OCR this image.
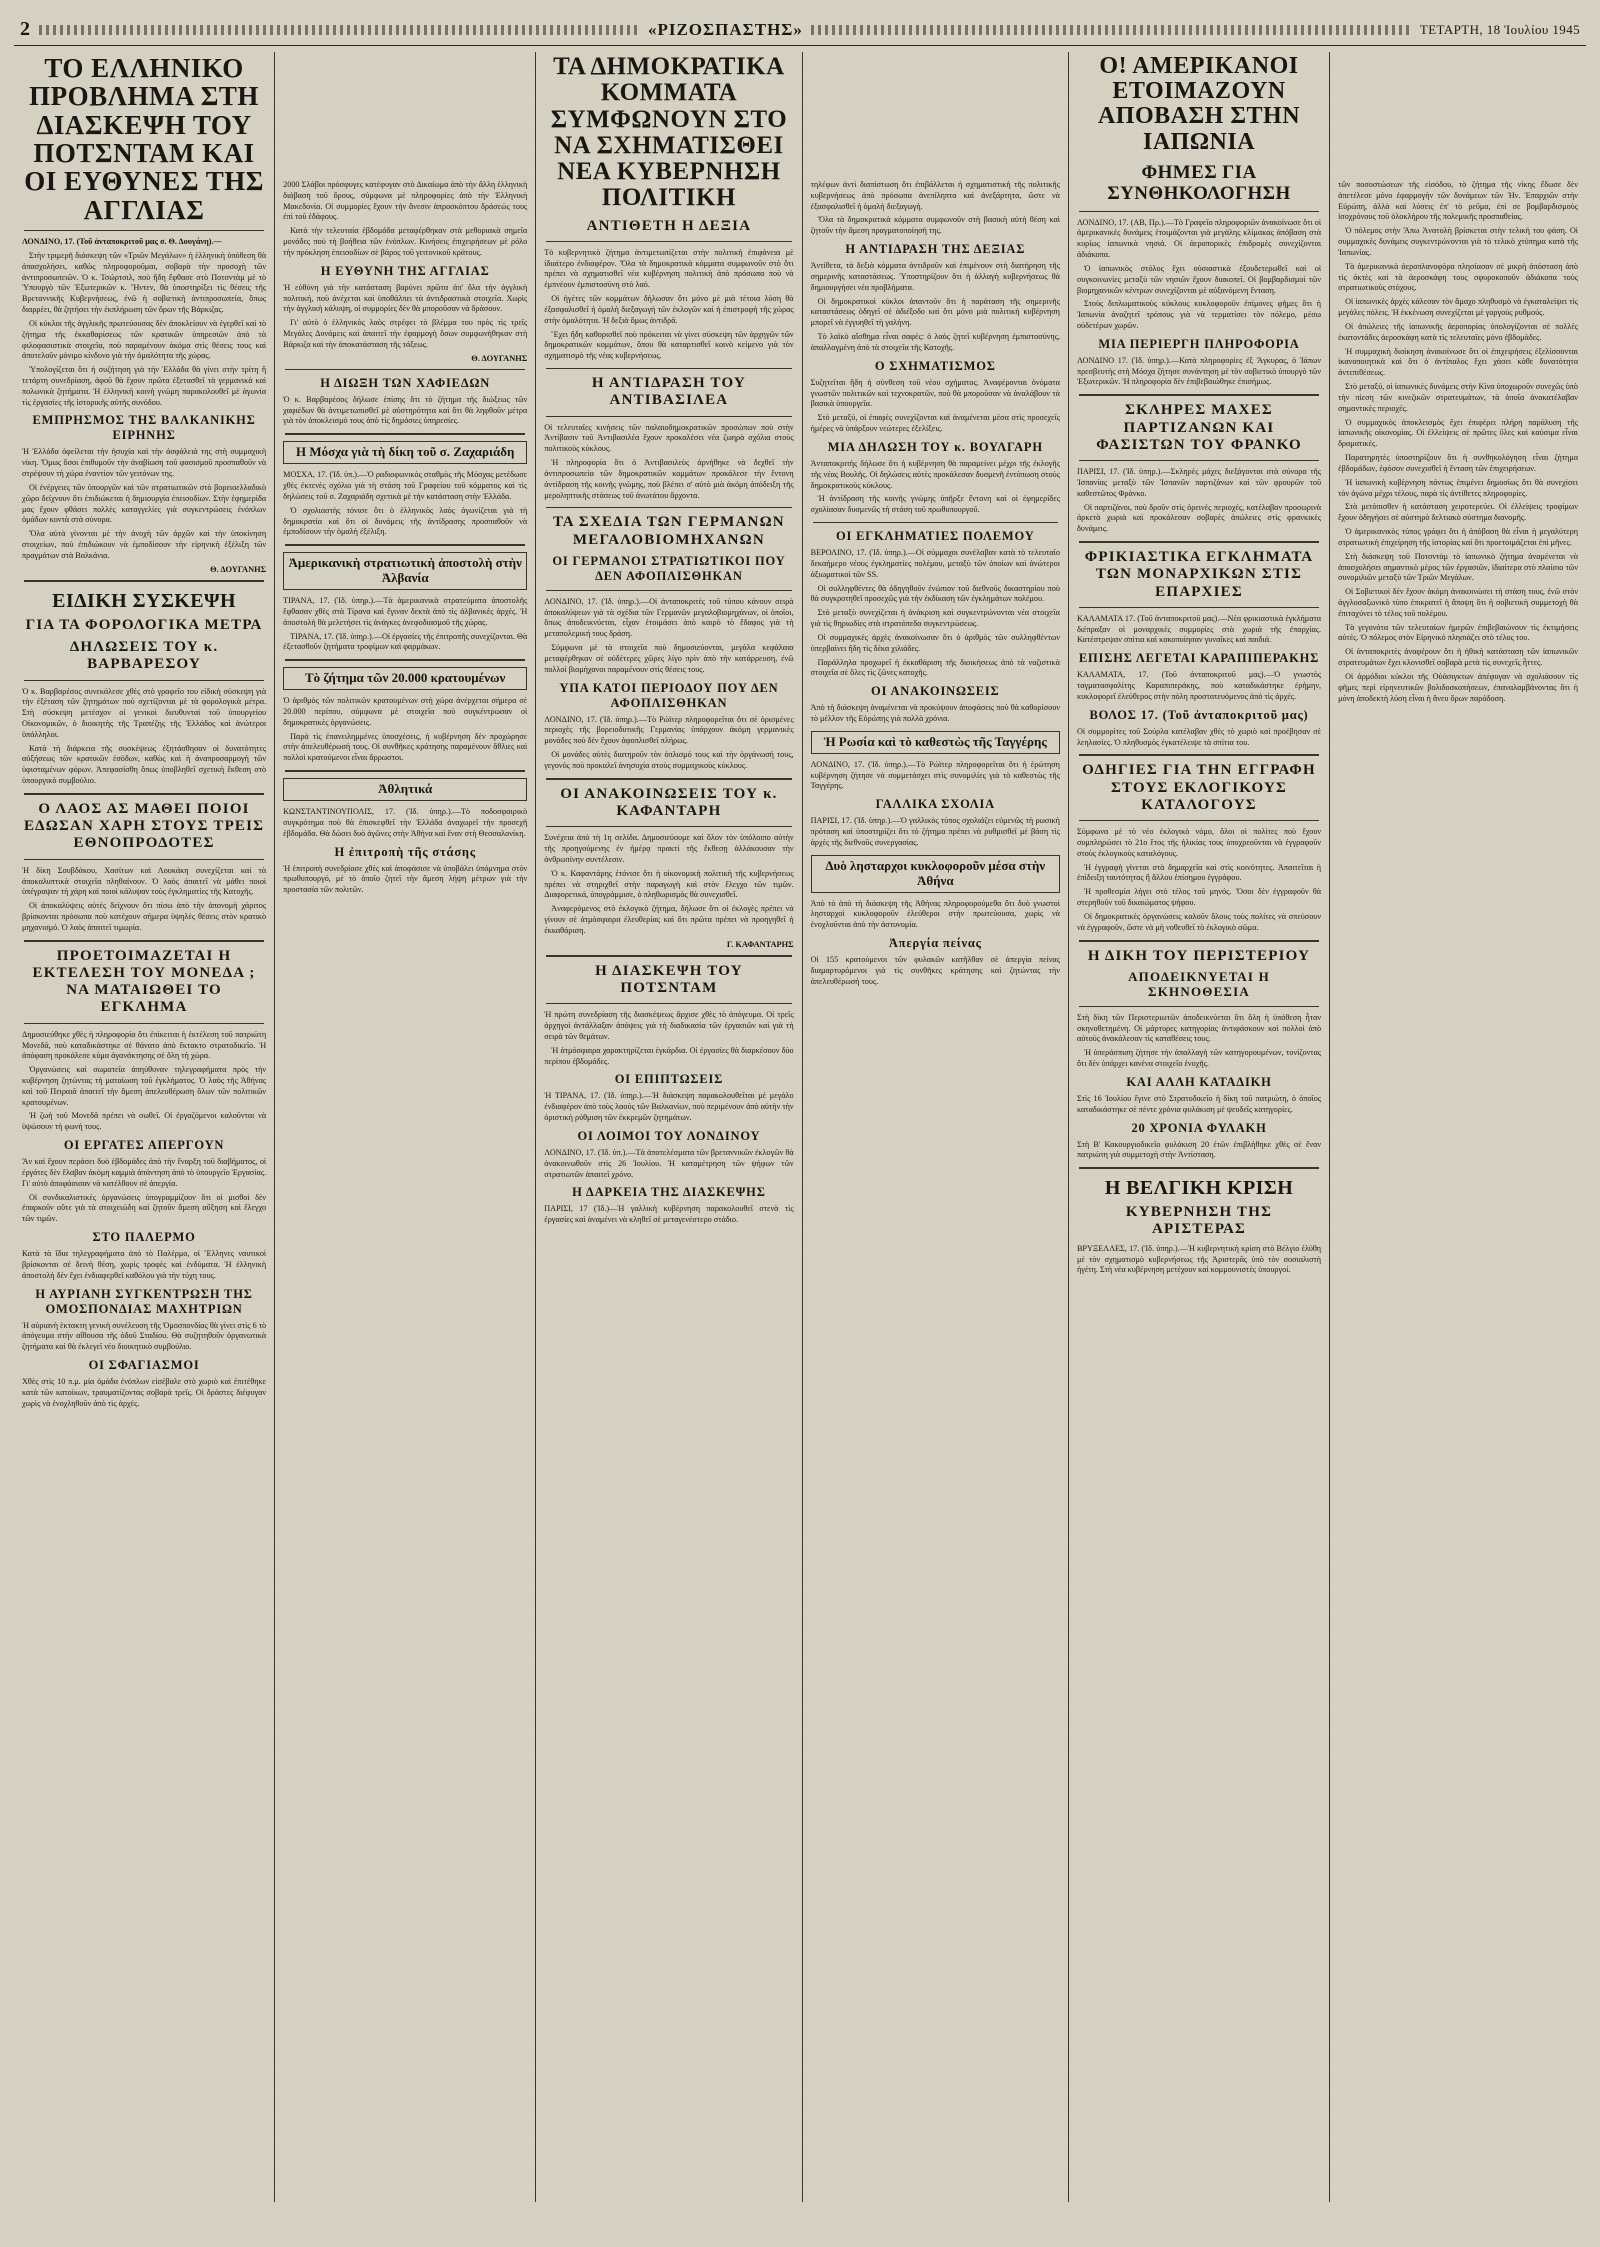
2	«ΡΙΖΟΣΠΑΣΤΗΣ»	ΤΕΤΑΡΤΗ, 18 Ἰουλίου 1945
ΤΟ ΕΛΛΗΝΙΚΟ ΠΡΟΒΛΗΜΑ ΣΤΗ ΔΙΑΣΚΕΨΗ ΤΟΥ ΠΟΤΣΝΤΑΜ ΚΑΙ ΟΙ ΕΥΘΥΝΕΣ ΤΗΣ ΑΓΓΛΙΑΣ

ΛΟΝΔΙΝΟ, 17. (Τοῦ ἀνταποκριτοῦ μας σ. Θ. Δουγάνη).—

Στὴν τριμερῆ διάσκεψη τῶν «Τριῶν Μεγάλων» ἡ ἑλληνικὴ ὑπόθεση θὰ ἀπασχολήσει, καθὼς πληροφοροῦμαι, σοβαρὰ τὴν προσοχὴ τῶν ἀντιπροσωπειῶν. Ὁ κ. Τσώρτσιλ, ποὺ ἤδη ἔφθασε στὸ Ποτσντὰμ μὲ τὸ Ὑπουργὸ τῶν Ἐξωτερικῶν κ. Ἤντεν, θὰ ὑποστηρίξει τὶς θέσεις τῆς Βρεταννικῆς Κυβερνήσεως, ἐνῶ ἡ σοβιετικὴ ἀντιπροσωπεία, ὅπως διαρρέει, θὰ ζητήσει τὴν ἐκπλήρωση τῶν ὅρων τῆς Βάρκιζας.

Οἱ κύκλοι τῆς ἀγγλικῆς πρωτεύουσας δὲν ἀποκλείουν νὰ ἐγερθεῖ καὶ τὸ ζήτημα τῆς ἐκκαθαρίσεως τῶν κρατικῶν ὑπηρεσιῶν ἀπὸ τὰ φιλοφασιστικὰ στοιχεῖα, ποὺ παραμένουν ἀκόμα στὶς θέσεις τους καὶ ἀποτελοῦν μόνιμο κίνδυνο γιὰ τὴν ὁμαλότητα τῆς χώρας.

Ὑπολογίζεται ὅτι ἡ συζήτηση γιὰ τὴν Ἑλλάδα θὰ γίνει στὴν τρίτη ἢ τετάρτη συνεδρίαση, ἀφοῦ θὰ ἔχουν πρῶτα ἐξετασθεῖ τὰ γερμανικὰ καὶ πολωνικὰ ζητήματα. Ἡ ἑλληνικὴ κοινὴ γνώμη παρακολουθεῖ μὲ ἀγωνία τὶς ἐργασίες τῆς ἱστορικῆς αὐτῆς συνόδου.

ΕΜΠΡΗΣΜΟΣ ΤΗΣ ΒΑΛΚΑΝΙΚΗΣ ΕΙΡΗΝΗΣ

Ἡ Ἑλλάδα ὀφείλεται τὴν ἡσυχία καὶ τὴν ἀσφάλειά της στὴ συμμαχικὴ νίκη. Ὅμως ὅσοι ἐπιθυμοῦν τὴν ἀναβίωση τοῦ φασισμοῦ προσπαθοῦν νὰ στρέψουν τὴ χώρα ἐναντίον τῶν γειτόνων της.

Οἱ ἐνέργειες τῶν ὑπουργῶν καὶ τῶν στρατιωτικῶν στὸ βορειοελλαδικὸ χῶρο δείχνουν ὅτι ἐπιδιώκεται ἡ δημιουργία ἐπεισοδίων. Στὴν ἐφημερίδα μας ἔχουν φθάσει πολλὲς καταγγελίες γιὰ συγκεντρώσεις ἐνόπλων ὁμάδων κοντὰ στὰ σύνορα.

Ὅλα αὐτὰ γίνονται μὲ τὴν ἀνοχὴ τῶν ἀρχῶν καὶ τὴν ὑποκίνηση στοιχείων, ποὺ ἐπιδιώκουν νὰ ἐμποδίσουν τὴν εἰρηνικὴ ἐξέλιξη τῶν πραγμάτων στὰ Βαλκάνια.

Θ. ΔΟΥΓΑΝΗΣ
ΕΙΔΙΚΗ ΣΥΣΚΕΨΗ
ΓΙΑ ΤΑ ΦΟΡΟΛΟΓΙΚΑ ΜΕΤΡΑ
ΔΗΛΩΣΕΙΣ ΤΟΥ κ. ΒΑΡΒΑΡΕΣΟΥ

Ὁ κ. Βαρβαρέσος συνεκάλεσε χθὲς στὸ γραφεῖο του εἰδικὴ σύσκεψη γιὰ τὴν ἐξέταση τῶν ζητημάτων ποὺ σχετίζονται μὲ τὰ φορολογικὰ μέτρα. Στὴ σύσκεψη μετέσχον οἱ γενικοὶ διευθυνταὶ τοῦ ὑπουργείου Οἰκονομικῶν, ὁ διοικητὴς τῆς Τραπέζης τῆς Ἑλλάδος καὶ ἀνώτεροι ὑπάλληλοι.

Κατὰ τὴ διάρκεια τῆς συσκέψεως ἐξητάσθησαν οἱ δυνατότητες αὐξήσεως τῶν κρατικῶν ἐσόδων, καθὼς καὶ ἡ ἀναπροσαρμογὴ τῶν ὑφισταμένων φόρων. Ἀπεφασίσθη ὅπως ὑποβληθεῖ σχετικὴ ἔκθεση στὸ ὑπουργικὸ συμβούλιο.

Ο ΛΑΟΣ ΑΣ ΜΑΘΕΙ ΠΟΙΟΙ ΕΔΩΣΑΝ ΧΑΡΗ ΣΤΟΥΣ ΤΡΕΙΣ ΕΘΝΟΠΡΟΔΟΤΕΣ

Ἡ δίκη Σουβδάκου, Χασίτων καὶ Λουκάκη συνεχίζεται καὶ τὰ ἀποκαλυπτικὰ στοιχεῖα πληθαίνουν. Ὁ λαὸς ἀπαιτεῖ νὰ μάθει ποιοὶ ὑπέγραψαν τὴ χάρη καὶ ποιοὶ κάλυψαν τοὺς ἐγκληματίες τῆς Κατοχῆς.

Οἱ ἀποκαλύψεις αὐτὲς δείχνουν ὅτι πίσω ἀπὸ τὴν ἀπονομὴ χάριτος βρίσκονται πρόσωπα ποὺ κατέχουν σήμερα ὑψηλὲς θέσεις στὸν κρατικὸ μηχανισμό. Ὁ λαὸς ἀπαιτεῖ τιμωρία.

ΠΡΟΕΤΟΙΜΑΖΕΤΑΙ Η ΕΚΤΕΛΕΣΗ ΤΟΥ ΜΟΝΕΔΑ ; ΝΑ ΜΑΤΑΙΩΘΕΙ ΤΟ ΕΓΚΛΗΜΑ

Δημοσιεύθηκε χθὲς ἡ πληροφορία ὅτι ἐπίκειται ἡ ἐκτέλεση τοῦ πατριώτη Μονεδᾶ, ποὺ καταδικάστηκε σὲ θάνατο ἀπὸ ἔκτακτο στρατοδικεῖο. Ἡ ἀπόφαση προκάλεσε κύμα ἀγανάκτησης σὲ ὅλη τὴ χώρα.

Ὀργανώσεις καὶ σωματεῖα ἀπηύθυναν τηλεγραφήματα πρὸς τὴν κυβέρνηση ζητώντας τὴ ματαίωση τοῦ ἐγκλήματος. Ὁ λαὸς τῆς Ἀθήνας καὶ τοῦ Πειραιᾶ ἀπαιτεῖ τὴν ἄμεση ἀπελευθέρωση ὅλων τῶν πολιτικῶν κρατουμένων.

Ἡ ζωὴ τοῦ Μονεδᾶ πρέπει νὰ σωθεῖ. Οἱ ἐργαζόμενοι καλοῦνται νὰ ὑψώσουν τὴ φωνή τους.

ΟΙ ΕΡΓΑΤΕΣ ΑΠΕΡΓΟΥΝ

Ἂν καὶ ἔχουν περάσει δυὸ ἑβδομάδες ἀπὸ τὴν ἔναρξη τοῦ διαβήματος, οἱ ἐργάτες δὲν ἔλαβαν ἀκόμη καμμιὰ ἀπάντηση ἀπὸ τὸ ὑπουργεῖο Ἐργασίας. Γι' αὐτὸ ἀποφάσισαν νὰ κατέλθουν σὲ ἀπεργία.

Οἱ συνδικαλιστικὲς ὀργανώσεις ὑπογραμμίζουν ὅτι οἱ μισθοὶ δὲν ἐπαρκοῦν οὔτε γιὰ τὰ στοιχειώδη καὶ ζητοῦν ἄμεση αὔξηση καὶ ἔλεγχο τῶν τιμῶν.

ΣΤΟ ΠΑΛΕΡΜΟ

Κατὰ τὰ ἴδια τηλεγραφήματα ἀπὸ τὸ Παλέρμο, οἱ Ἕλληνες ναυτικοὶ βρίσκονται σὲ δεινὴ θέση, χωρὶς τροφὲς καὶ ἐνδύματα. Ἡ ἑλληνικὴ ἀποστολὴ δὲν ἔχει ἐνδιαφερθεῖ καθόλου γιὰ τὴν τύχη τους.

Η ΑΥΡΙΑΝΗ ΣΥΓΚΕΝΤΡΩΣΗ ΤΗΣ ΟΜΟΣΠΟΝΔΙΑΣ ΜΑΧΗΤΡΙΩΝ

Ἡ αὐριανὴ ἑκτακτη γενικὴ συνέλευση τῆς Ὁμοσπονδίας θὰ γίνει στὶς 6 τὸ ἀπόγευμα στὴν αἴθουσα τῆς ὁδοῦ Σταδίου. Θὰ συζητηθοῦν ὀργανωτικὰ ζητήματα καὶ θὰ ἐκλεγεῖ νέο διοικητικὸ συμβούλιο.

ΟΙ ΣΦΑΓΙΑΣΜΟΙ

Χθὲς στὶς 10 π.μ. μία ὁμάδα ἐνόπλων εἰσέβαλε στὸ χωριὸ καὶ ἐπιτέθηκε κατὰ τῶν κατοίκων, τραυματίζοντας σοβαρὰ τρεῖς. Οἱ δράστες διέφυγαν χωρὶς νὰ ἐνοχληθοῦν ἀπὸ τὶς ἀρχές.

2000 Σλάβοι πρόσφυγες κατέφυγαν στὸ Δικαίωμα ἀπὸ τὴν ἄλλη ἑλληνικὴ διάβαση τοῦ ὄρους, σύμφωνα μὲ πληροφορίες ἀπὸ τὴν Ἑλληνικὴ Μακεδονία. Οἱ συμμορίες ἔχουν τὴν ἄνεσιν ἀπροσκόπτου δράσεώς τους ἐπὶ τοῦ ἐδάφους.

Κατὰ τὴν τελευταία ἑβδομάδα μεταφέρθηκαν στὰ μεθοριακὰ σημεῖα μονάδες ποὺ τὴ βοήθεια τῶν ἑνόπλων. Κινήσεις ἐπιχειρήσεων μὲ ρόλο τὴν πρόκληση ἐπεισοδίων σὲ βάρος τοῦ γειτονικοῦ κράτους.

Η ΕΥΘΥΝΗ ΤΗΣ ΑΓΓΛΙΑΣ

Ἡ εὐθύνη γιὰ τὴν κατάσταση βαρύνει πρῶτα ἀπ' ὅλα τὴν ἀγγλικὴ πολιτική, ποὺ ἀνέχεται καὶ ὑποθάλπει τὰ ἀντιδραστικὰ στοιχεῖα. Χωρὶς τὴν ἀγγλικὴ κάλυψη, οἱ συμμορίες δὲν θὰ μποροῦσαν νὰ δράσουν.

Γι' αὐτὸ ὁ ἑλληνικὸς λαὸς στρέφει τὸ βλέμμα του πρὸς τὶς τρεῖς Μεγάλες Δυνάμεις καὶ ἀπαιτεῖ τὴν ἐφαρμογὴ ὅσων συμφωνήθηκαν στὴ Βάρκιζα καὶ τὴν ἀποκατάσταση τῆς τάξεως.

Θ. ΔΟΥΓΑΝΗΣ
Η ΔΙΩΞΗ ΤΩΝ ΧΑΦΙΕΔΩΝ

Ὁ κ. Βαρβαρέσος δήλωσε ἐπίσης ὅτι τὸ ζήτημα τῆς διώξεως τῶν χαφιέδων θὰ ἀντιμετωπισθεῖ μὲ αὐστηρότητα καὶ ὅτι θὰ ληφθοῦν μέτρα γιὰ τὸν ἀποκλεισμό τους ἀπὸ τὶς δημόσιες ὑπηρεσίες.

Η Μόσχα γιὰ τὴ δίκη τοῦ σ. Ζαχαριάδη

ΜΟΣΧΑ, 17. (Ἰδ. ὑπ.).—Ὁ ραδιοφωνικὸς σταθμὸς τῆς Μόσχας μετέδωσε χθὲς ἐκτενὲς σχόλιο γιὰ τὴ στάση τοῦ Γραφείου τοῦ κόμματος καὶ τὶς δηλώσεις τοῦ σ. Ζαχαριάδη σχετικὰ μὲ τὴν κατάσταση στὴν Ἑλλάδα.

Ὁ σχολιαστὴς τόνισε ὅτι ὁ ἑλληνικὸς λαὸς ἀγωνίζεται γιὰ τὴ δημοκρατία καὶ ὅτι οἱ δυνάμεις τῆς ἀντίδρασης προσπαθοῦν νὰ ἐμποδίσουν τὴν ὁμαλὴ ἐξέλιξη.

Ἀμερικανικὴ στρατιωτικὴ ἀποστολὴ στὴν Ἀλβανία

ΤΙΡΑΝΑ, 17. (Ἰδ. ὑπηρ.).—Τὰ ἀμερικανικὰ στρατεύματα ἀποστολῆς ἔφθασαν χθὲς στὰ Τίρανα καὶ ἔγιναν δεκτὰ ἀπὸ τὶς ἀλβανικὲς ἀρχές. Ἡ ἀποστολὴ θὰ μελετήσει τὶς ἀνάγκες ἀνεφοδιασμοῦ τῆς χώρας.

ΤΙΡΑΝΑ, 17. (Ἰδ. ὑπηρ.).—Οἱ ἐργασίες τῆς ἐπιτροπῆς συνεχίζονται. Θὰ ἐξετασθοῦν ζητήματα τροφίμων καὶ φαρμάκων.

Τὸ ζήτημα τῶν 20.000 κρατουμένων

Ὁ ἀριθμὸς τῶν πολιτικῶν κρατουμένων στὴ χώρα ἀνέρχεται σήμερα σὲ 20.000 περίπου, σύμφωνα μὲ στοιχεῖα ποὺ συγκέντρωσαν οἱ δημοκρατικὲς ὀργανώσεις.

Παρὰ τὶς ἐπανειλημμένες ὑποσχέσεις, ἡ κυβέρνηση δὲν προχώρησε στὴν ἀπελευθέρωσή τους. Οἱ συνθῆκες κράτησης παραμένουν ἄθλιες καὶ πολλοὶ κρατούμενοι εἶναι ἄρρωστοι.

Ἀθλητικά

ΚΩΝΣΤΑΝΤΙΝΟΥΠΟΛΙΣ, 17. (Ἰδ. ὑπηρ.).—Τὸ ποδοσφαιρικὸ συγκρότημα ποὺ θὰ ἐπισκεφθεῖ τὴν Ἑλλάδα ἀναχωρεῖ τὴν προσεχῆ ἑβδομάδα. Θὰ δώσει δυὸ ἀγῶνες στὴν Ἀθήνα καὶ ἕναν στὴ Θεσσαλονίκη.

Η ἐπιτροπὴ τῆς στάσης

Ἡ ἐπιτροπὴ συνεδρίασε χθὲς καὶ ἀποφάσισε νὰ ὑποβάλει ὑπόμνημα στὸν πρωθυπουργό, μὲ τὸ ὁποῖο ζητεῖ τὴν ἄμεση λήψη μέτρων γιὰ τὴν προστασία τῶν πολιτῶν.

ΤΑ ΔΗΜΟΚΡΑΤΙΚΑ ΚΟΜΜΑΤΑ ΣΥΜΦΩΝΟΥΝ ΣΤΟ ΝΑ ΣΧΗΜΑΤΙΣΘΕΙ ΝΕΑ ΚΥΒΕΡΝΗΣΗ ΠΟΛΙΤΙΚΗ
ΑΝΤΙΘΕΤΗ Η ΔΕΞΙΑ

Τὸ κυβερνητικὸ ζήτημα ἀντιμετωπίζεται στὴν πολιτικὴ ἐπιφάνεια μὲ ἰδιαίτερο ἐνδιαφέρον. Ὅλα τὰ δημοκρατικὰ κόμματα συμφωνοῦν στὸ ὅτι πρέπει νὰ σχηματισθεῖ νέα κυβέρνηση πολιτικὴ ἀπὸ πρόσωπα ποὺ νὰ ἐμπνέουν ἐμπιστοσύνη στὸ λαό.

Οἱ ἡγέτες τῶν κομμάτων δήλωσαν ὅτι μόνο μὲ μιὰ τέτοια λύση θὰ ἐξασφαλισθεῖ ἡ ὁμαλὴ διεξαγωγὴ τῶν ἐκλογῶν καὶ ἡ ἐπιστροφὴ τῆς χώρας στὴν ὁμαλότητα. Ἡ δεξιὰ ὅμως ἀντιδρᾶ.

Ἔχει ἤδη καθορισθεῖ ποὺ πρόκειται νὰ γίνει σύσκεψη τῶν ἀρχηγῶν τῶν δημοκρατικῶν κομμάτων, ὅπου θὰ καταρτισθεῖ κοινὸ κείμενο γιὰ τὸν σχηματισμὸ τῆς νέας κυβερνήσεως.

Η ΑΝΤΙΔΡΑΣΗ ΤΟΥ ΑΝΤΙΒΑΣΙΛΕΑ

Οἱ τελευταῖες κινήσεις τῶν παλαιοδημοκρατικῶν προσώπων ποὺ στὴν Ἀντίβασιν τοῦ Ἀντιβασιλέα ἔχουν προκαλέσει νέα ζωηρὰ σχόλια στοὺς πολιτικοὺς κύκλους.

Ἡ πληροφορία ὅτι ὁ Ἀντιβασιλεὺς ἀρνήθηκε νὰ δεχθεῖ τὴν ἀντιπροσωπεία τῶν δημοκρατικῶν κομμάτων προκάλεσε τὴν ἔντονη ἀντίδραση τῆς κοινῆς γνώμης, ποὺ βλέπει σ' αὐτὸ μιὰ ἀκόμη ἀπόδειξη τῆς μεροληπτικῆς στάσεως τοῦ ἀνωτάτου ἄρχοντα.

ΤΑ ΣΧΕΔΙΑ ΤΩΝ ΓΕΡΜΑΝΩΝ ΜΕΓΑΛΟΒΙΟΜΗΧΑΝΩΝ
ΟΙ ΓΕΡΜΑΝΟΙ ΣΤΡΑΤΙΩΤΙΚΟΙ ΠΟΥ ΔΕΝ ΑΦΟΠΛΙΣΘΗΚΑΝ

ΛΟΝΔΙΝΟ, 17. (Ἰδ. ὑπηρ.).—Οἱ ἀνταποκριτὲς τοῦ τύπου κάνουν σειρὰ ἀποκαλύψεων γιὰ τὰ σχέδια τῶν Γερμανῶν μεγαλοβιομηχάνων, οἱ ὁποῖοι, ὅπως ἀποδεικνύεται, εἶχαν ἑτοιμάσει ἀπὸ καιρὸ τὸ ἔδαφος γιὰ τὴ μεταπολεμική τους δράση.

Σύμφωνα μὲ τὰ στοιχεῖα ποὺ δημοσιεύονται, μεγάλα κεφάλαια μεταφέρθηκαν σὲ οὐδέτερες χῶρες λίγο πρὶν ἀπὸ τὴν κατάρρευση, ἐνῶ πολλοὶ βιομήχανοι παραμένουν στὶς θέσεις τους.

ΥΠΑ ΚΑΤΟΙ ΠΕΡΙΟΔΟΥ ΠΟΥ ΔΕΝ ΑΦΟΠΛΙΣΘΗΚΑΝ

ΛΟΝΔΙΝΟ, 17. (Ἰδ. ὑπηρ.).—Τὸ Ρώϊτερ πληροφορεῖται ὅτι σὲ ὁρισμένες περιοχὲς τῆς βορειοδυτικῆς Γερμανίας ὑπάρχουν ἀκόμη γερμανικὲς μονάδες ποὺ δὲν ἔχουν ἀφοπλισθεῖ πλήρως.

Οἱ μονάδες αὐτὲς διατηροῦν τὸν ὁπλισμό τους καὶ τὴν ὀργάνωσή τους, γεγονὸς ποὺ προκαλεῖ ἀνησυχία στοὺς συμμαχικοὺς κύκλους.

ΟΙ ΑΝΑΚΟΙΝΩΣΕΙΣ ΤΟΥ κ. ΚΑΦΑΝΤΑΡΗ

Συνέχεια ἀπὸ τὴ 1η σελίδα. Δημοσιεύουμε καὶ ὅλον τὸν ὑπόλοιπο αὐτὴν τῆς προηγούμενης ἐν ἡμέρᾳ πρακτὶ τῆς ἔκθεσῃ ἀλλάκουσαν τὴν ἀνθρωπίνην συντέλεσιν.

Ὁ κ. Καφαντάρης ἐτόνισε ὅτι ἡ οἰκονομικὴ πολιτικὴ τῆς κυβερνήσεως πρέπει νὰ στηριχθεῖ στὴν παραγωγὴ καὶ στὸν ἔλεγχο τῶν τιμῶν. Διαφορετικά, ὑπογράμμισε, ὁ πληθωρισμὸς θὰ συνεχισθεῖ.

Ἀναφερόμενος στὸ ἐκλογικὸ ζήτημα, δήλωσε ὅτι οἱ ἐκλογὲς πρέπει νὰ γίνουν σὲ ἀτμόσφαιρα ἐλευθερίας καὶ ὅτι πρῶτα πρέπει νὰ προηγηθεῖ ἡ ἐκκαθάριση.

Γ. ΚΑΦΑΝΤΑΡΗΣ
Η ΔΙΑΣΚΕΨΗ ΤΟΥ ΠΟΤΣΝΤΑΜ

Ἡ πρώτη συνεδρίαση τῆς διασκέψεως ἄρχισε χθὲς τὸ ἀπόγευμα. Οἱ τρεῖς ἀρχηγοὶ ἀντάλλαξαν ἀπόψεις γιὰ τὴ διαδικασία τῶν ἐργασιῶν καὶ γιὰ τὴ σειρὰ τῶν θεμάτων.

Ἡ ἀτμόσφαιρα χαρακτηρίζεται ἐγκάρδια. Οἱ ἐργασίες θὰ διαρκέσουν δύο περίπου ἑβδομάδες.

ΟΙ ΕΠΙΠΤΩΣΕΙΣ

Ἡ ΤΙΡΑΝΑ, 17. (Ἰδ. ὑπηρ.).—Ἡ διάσκεψη παρακολουθεῖται μὲ μεγάλο ἐνδιαφέρον ἀπὸ τοὺς λαοὺς τῶν Βαλκανίων, ποὺ περιμένουν ἀπὸ αὐτὴν τὴν ὁριστικὴ ρύθμιση τῶν ἐκκρεμῶν ζητημάτων.

ΟΙ ΛΟΙΜΟΙ ΤΟΥ ΛΟΝΔΙΝΟΥ

ΛΟΝΔΙΝΟ, 17. (Ἰδ. ὑπ.).—Τὰ ἀποτελέσματα τῶν βρεταννικῶν ἐκλογῶν θὰ ἀνακοινωθοῦν στὶς 26 Ἰουλίου. Ἡ καταμέτρηση τῶν ψήφων τῶν στρατιωτῶν ἀπαιτεῖ χρόνο.

Η ΔΑΡΚΕΙΑ ΤΗΣ ΔΙΑΣΚΕΨΗΣ

ΠΑΡΙΣΙ, 17 (Ἰδ.)—Ἡ γαλλικὴ κυβέρνηση παρακολουθεῖ στενὰ τὶς ἐργασίες καὶ ἀναμένει νὰ κληθεῖ σὲ μεταγενέστερο στάδιο.

τηλέφων ἀντὶ διαπίστωση ὅτι ἐπιβάλλεται ἡ σχηματιστικὴ τῆς πολιτικῆς κυβερνήσεως ἀπὸ πρόσωπα ἀνεπίληπτα καὶ ἀνεξάρτητα, ὥστε νὰ ἐξασφαλισθεῖ ἡ ὁμαλὴ διεξαγωγή.

Ὅλα τὰ δημοκρατικὰ κόμματα συμφωνοῦν στὴ βασικὴ αὐτὴ θέση καὶ ζητοῦν τὴν ἄμεση πραγματοποίησή της.

Η ΑΝΤΙΔΡΑΣΗ ΤΗΣ ΔΕΞΙΑΣ

Ἀντίθετα, τὰ δεξιὰ κόμματα ἀντιδροῦν καὶ ἐπιμένουν στὴ διατήρηση τῆς σημερινῆς καταστάσεως. Ὑποστηρίζουν ὅτι ἡ ἀλλαγὴ κυβερνήσεως θὰ δημιουργήσει νέα προβλήματα.

Οἱ δημοκρατικοὶ κύκλοι ἀπαντοῦν ὅτι ἡ παράταση τῆς σημερινῆς καταστάσεως ὁδηγεῖ σὲ ἀδιέξοδο καὶ ὅτι μόνο μιὰ πολιτικὴ κυβέρνηση μπορεῖ νὰ ἐγγυηθεῖ τὴ γαλήνη.

Τὸ λαϊκὸ αἴσθημα εἶναι σαφές: ὁ λαὸς ζητεῖ κυβέρνηση ἐμπιστοσύνης, ἀπαλλαγμένη ἀπὸ τὰ στοιχεῖα τῆς Κατοχῆς.

Ο ΣΧΗΜΑΤΙΣΜΟΣ

Συζητεῖται ἤδη ἡ σύνθεση τοῦ νέου σχήματος. Ἀναφέρονται ὀνόματα γνωστῶν πολιτικῶν καὶ τεχνοκρατῶν, ποὺ θὰ μποροῦσαν νὰ ἀναλάβουν τὰ βασικὰ ὑπουργεῖα.

Στὸ μεταξύ, οἱ ἐπαφὲς συνεχίζονται καὶ ἀναμένεται μέσα στὶς προσεχεῖς ἡμέρες νὰ ὑπάρξουν νεώτερες ἐξελίξεις.

ΜΙΑ ΔΗΛΩΣΗ ΤΟΥ κ. ΒΟΥΛΓΑΡΗ

Ἀνταποκριτὴς δήλωσε ὅτι ἡ κυβέρνηση θὰ παραμείνει μέχρι τῆς ἐκλογῆς τῆς νέας Βουλῆς. Οἱ δηλώσεις αὐτὲς προκάλεσαν δυσμενῆ ἐντύπωση στοὺς δημοκρατικοὺς κύκλους.

Ἡ ἀντίδραση τῆς κοινῆς γνώμης ὑπῆρξε ἔντονη καὶ οἱ ἐφημερίδες σχολίασαν δυσμενῶς τὴ στάση τοῦ πρωθυπουργοῦ.

ΟΙ ΕΓΚΛΗΜΑΤΙΕΣ ΠΟΛΕΜΟΥ

ΒΕΡΟΛΙΝΟ, 17. (Ἰδ. ὑπηρ.).—Οἱ σύμμαχοι συνέλαβαν κατὰ τὸ τελευταῖο δεκαήμερο νέους ἐγκληματίες πολέμου, μεταξὺ τῶν ὁποίων καὶ ἀνώτεροι ἀξιωματικοὶ τῶν SS.

Οἱ συλληφθέντες θὰ ὁδηγηθοῦν ἐνώπιον τοῦ διεθνοῦς δικαστηρίου ποὺ θὰ συγκροτηθεῖ προσεχῶς γιὰ τὴν ἐκδίκαση τῶν ἐγκλημάτων πολέμου.

Στὸ μεταξὺ συνεχίζεται ἡ ἀνάκριση καὶ συγκεντρώνονται νέα στοιχεῖα γιὰ τὶς θηριωδίες στὰ στρατόπεδα συγκεντρώσεως.

Οἱ συμμαχικὲς ἀρχὲς ἀνακοίνωσαν ὅτι ὁ ἀριθμὸς τῶν συλληφθέντων ὑπερβαίνει ἤδη τὶς δέκα χιλιάδες.

Παράλληλα προχωρεῖ ἡ ἐκκαθάριση τῆς διοικήσεως ἀπὸ τὰ ναζιστικὰ στοιχεῖα σὲ ὅλες τὶς ζῶνες κατοχῆς.

ΟΙ ΑΝΑΚΟΙΝΩΣΕΙΣ

Ἀπὸ τὴ διάσκεψη ἀναμένεται νὰ προκύψουν ἀποφάσεις ποὺ θὰ καθορίσουν τὸ μέλλον τῆς Εὐρώπης γιὰ πολλὰ χρόνια.

Ἡ Ρωσία καὶ τὸ καθεστὼς τῆς Ταγγέρης

ΛΟΝΔΙΝΟ, 17. (Ἰδ. ὑπηρ.).—Τὸ Ρώϊτερ πληροφορεῖται ὅτι ἡ ἐρώτηση κυβέρνηση ζήτησε νὰ συμμετάσχει στὶς συνομιλίες γιὰ τὸ καθεστὼς τῆς Ταγγέρης.

ΓΑΛΛΙΚΑ ΣΧΟΛΙΑ

ΠΑΡΙΣΙ, 17. (Ἰδ. ὑπηρ.).—Ὁ γαλλικὸς τύπος σχολιάζει εὐμενῶς τὴ ρωσικὴ πρόταση καὶ ὑποστηρίζει ὅτι τὸ ζήτημα πρέπει νὰ ρυθμισθεῖ μὲ βάση τὶς ἀρχὲς τῆς διεθνοῦς συνεργασίας.

Δυὸ λησταρχοι κυκλοφοροῦν μέσα στὴν Ἀθήνα

Ἀπὸ τὸ ἀπὸ τὴ διάσκεψη τῆς Ἀθήνας πληροφορούμεθα ὅτι δυὸ γνωστοὶ λησταρχοὶ κυκλοφοροῦν ἐλεύθεροι στὴν πρωτεύουσα, χωρὶς νὰ ἐνοχλοῦνται ἀπὸ τὴν ἀστυνομία.

Ἀπεργία πείνας

Οἱ 155 κρατούμενοι τῶν φυλακῶν κατῆλθαν σὲ ἀπεργία πείνας διαμαρτυρόμενοι γιὰ τὶς συνθῆκες κράτησης καὶ ζητώντας τὴν ἀπελευθέρωσή τους.

Ο! ΑΜΕΡΙΚΑΝΟΙ ΕΤΟΙΜΑΖΟΥΝ ΑΠΟΒΑΣΗ ΣΤΗΝ ΙΑΠΩΝΙΑ
ΦΗΜΕΣ ΓΙΑ ΣΥΝΘΗΚΟΛΟΓΗΣΗ

ΛΟΝΔΙΝΟ, 17. (ΑΒ, Πρ.).—Τὸ Γραφεῖο πληροφοριῶν ἀνακοίνωσε ὅτι οἱ ἀμερικανικὲς δυνάμεις ἑτοιμάζονται γιὰ μεγάλης κλίμακας ἀπόβαση στὰ κυρίως ἰαπωνικὰ νησιά. Οἱ ἀεροπορικὲς ἐπιδρομὲς συνεχίζονται ἀδιάκοπα.

Ὁ ἰαπωνικὸς στόλος ἔχει οὐσιαστικὰ ἐξουδετερωθεῖ καὶ οἱ συγκοινωνίες μεταξὺ τῶν νησιῶν ἔχουν διακοπεῖ. Οἱ βομβαρδισμοὶ τῶν βιομηχανικῶν κέντρων συνεχίζονται μὲ αὐξανόμενη ἔνταση.

Στοὺς διπλωματικοὺς κύκλους κυκλοφοροῦν ἐπίμονες φῆμες ὅτι ἡ Ἰαπωνία ἀναζητεῖ τρόπους γιὰ νὰ τερματίσει τὸν πόλεμο, μέσω οὐδετέρων χωρῶν.

ΜΙΑ ΠΕΡΙΕΡΓΗ ΠΛΗΡΟΦΟΡΙΑ

ΛΟΝΔΙΝΟ 17. (Ἰδ. ὑπηρ.).—Κατὰ πληροφορίες ἐξ Ἄγκυρας, ὁ Ἰάπων πρεσβευτὴς στὴ Μόσχα ζήτησε συνάντηση μὲ τὸν σοβιετικὸ ὑπουργὸ τῶν Ἐξωτερικῶν. Ἡ πληροφορία δὲν ἐπιβεβαιώθηκε ἐπισήμως.

ΣΚΛΗΡΕΣ ΜΑΧΕΣ ΠΑΡΤΙΖΑΝΩΝ ΚΑΙ ΦΑΣΙΣΤΩΝ ΤΟΥ ΦΡΑΝΚΟ

ΠΑΡΙΣΙ, 17. (Ἰδ. ὑπηρ.).—Σκληρὲς μάχες διεξάγονται στὰ σύνορα τῆς Ἱσπανίας μεταξὺ τῶν Ἱσπανῶν παρτιζάνων καὶ τῶν φρουρῶν τοῦ καθεστῶτος Φράνκο.

Οἱ παρτιζάνοι, ποὺ δροῦν στὶς ὀρεινὲς περιοχές, κατέλαβαν προσωρινὰ ἀρκετὰ χωριὰ καὶ προκάλεσαν σοβαρὲς ἀπώλειες στὶς φρανκικὲς δυνάμεις.

ΦΡΙΚΙΑΣΤΙΚΑ ΕΓΚΛΗΜΑΤΑ ΤΩΝ ΜΟΝΑΡΧΙΚΩΝ ΣΤΙΣ ΕΠΑΡΧΙΕΣ

ΚΑΛΑΜΑΤΑ 17. (Τοῦ ἀνταποκριτοῦ μας).—Νέα φρικιαστικὰ ἐγκλήματα διέπραξαν οἱ μοναρχικὲς συμμορίες στὰ χωριὰ τῆς ἐπαρχίας. Κατέστρεψαν σπίτια καὶ κακοποίησαν γυναῖκες καὶ παιδιά.

ΕΠΙΣΗΣ ΛΕΓΕΤΑΙ ΚΑΡΑΠΙΠΕΡΑΚΗΣ

ΚΑΛΑΜΑΤΑ, 17. (Τοῦ ἀνταποκριτοῦ μας).—Ὁ γνωστὸς ταγματασφαλίτης Καραπιπεράκης, ποὺ καταδικάστηκε ἐρήμην, κυκλοφορεῖ ἐλεύθερος στὴν πόλη προστατευόμενος ἀπὸ τὶς ἀρχές.

ΒΟΛΟΣ 17. (Τοῦ ἀνταποκριτοῦ μας)

Οἱ συμμορίτες τοῦ Σούρλα κατέλαβαν χθὲς τὸ χωριὸ καὶ προέβησαν σὲ λεηλασίες. Ὁ πληθυσμὸς ἐγκατέλειψε τὰ σπίτια του.

ΟΔΗΓΙΕΣ ΓΙΑ ΤΗΝ ΕΓΓΡΑΦΗ ΣΤΟΥΣ ΕΚΛΟΓΙΚΟΥΣ ΚΑΤΑΛΟΓΟΥΣ

Σύμφωνα μὲ τὸ νέο ἐκλογικὸ νόμο, ὅλοι οἱ πολίτες ποὺ ἔχουν συμπληρώσει τὸ 21ο ἔτος τῆς ἡλικίας τους ὑποχρεοῦνται νὰ ἐγγραφοῦν στοὺς ἐκλογικοὺς καταλόγους.

Ἡ ἐγγραφὴ γίνεται στὰ δημαρχεῖα καὶ στὶς κοινότητες. Ἀπαιτεῖται ἡ ἐπίδειξη ταυτότητας ἢ ἄλλου ἐπίσημου ἐγγράφου.

Ἡ προθεσμία λήγει στὸ τέλος τοῦ μηνός. Ὅσοι δὲν ἐγγραφοῦν θὰ στερηθοῦν τοῦ δικαιώματος ψήφου.

Οἱ δημοκρατικὲς ὀργανώσεις καλοῦν ὅλους τοὺς πολίτες νὰ σπεύσουν νὰ ἐγγραφοῦν, ὥστε νὰ μὴ νοθευθεῖ τὸ ἐκλογικὸ σῶμα.

Η ΔΙΚΗ ΤΟΥ ΠΕΡΙΣΤΕΡΙΟΥ
ΑΠΟΔΕΙΚΝΥΕΤΑΙ Η ΣΚΗΝΟΘΕΣΙΑ

Στὴ δίκη τῶν Περιστεριωτῶν ἀποδεικνύεται ὅτι ὅλη ἡ ὑπόθεση ἦταν σκηνοθετημένη. Οἱ μάρτυρες κατηγορίας ἀντιφάσκουν καὶ πολλοὶ ἀπὸ αὐτοὺς ἀνακάλεσαν τὶς καταθέσεις τους.

Ἡ ὑπεράσπιση ζήτησε τὴν ἀπαλλαγὴ τῶν κατηγορουμένων, τονίζοντας ὅτι δὲν ὑπάρχει κανένα στοιχεῖο ἐνοχῆς.

ΚΑΙ ΑΛΛΗ ΚΑΤΑΔΙΚΗ

Στὶς 16 Ἰουλίου ἔγινε στὸ Στρατοδικεῖο ἡ δίκη τοῦ πατριώτη, ὁ ὁποῖος καταδικάστηκε σὲ πέντε χρόνια φυλάκιση μὲ ψευδεῖς κατηγορίες.

20 ΧΡΟΝΙΑ ΦΥΛΑΚΗ

Στὴ Β' Κακουργιοδικεῖο φυλάκιση 20 ἐτῶν ἐπιβλήθηκε χθὲς σὲ ἕναν πατριώτη γιὰ συμμετοχὴ στὴν Ἀντίσταση.

Η ΒΕΛΓΙΚΗ ΚΡΙΣΗ
ΚΥΒΕΡΝΗΣΗ ΤΗΣ ΑΡΙΣΤΕΡΑΣ

ΒΡΥΞΕΛΛΕΣ, 17. (Ἰδ. ὑπηρ.).—Ἡ κυβερνητικὴ κρίση στὸ Βέλγιο ἐλύθη μὲ τὸν σχηματισμὸ κυβερνήσεως τῆς Ἀριστερᾶς ὑπὸ τὸν σοσιαλιστὴ ἡγέτη. Στὴ νέα κυβέρνηση μετέχουν καὶ κομμουνιστὲς ὑπουργοί.

τῶν ποσοστώσεων τῆς εἰσόδου, τὸ ζήτημα τῆς νίκης ἔδωσε δὲν ἀπετέλεσε μόνο ἐφαρμογὴν τῶν δυνάμεων τῶν Ἡν. Ἐπαρχιῶν στὴν Εὐρώπη, ἀλλὰ καὶ λύσεις ἐπ' τὸ ρεῦμα, ἐπὶ σε βομβαρδισμοὺς ἰσοχρόνους τοῦ ὁλοκλήρου τῆς πολεμικῆς προσπαθείας.

Ὁ πόλεμος στὴν Ἄπω Ἀνατολὴ βρίσκεται στὴν τελική του φάση. Οἱ συμμαχικὲς δυνάμεις συγκεντρώνονται γιὰ τὸ τελικὸ χτύπημα κατὰ τῆς Ἰαπωνίας.

Τὰ ἀμερικανικὰ ἀεροπλανοφόρα πλησίασαν σὲ μικρὴ ἀπόσταση ἀπὸ τὶς ἀκτὲς καὶ τὰ ἀεροσκάφη τους σφυροκοποῦν ἀδιάκοπα τοὺς στρατιωτικοὺς στόχους.

Οἱ ἰαπωνικὲς ἀρχὲς κάλεσαν τὸν ἄμαχο πληθυσμὸ νὰ ἐγκαταλείψει τὶς μεγάλες πόλεις. Ἡ ἐκκένωση συνεχίζεται μὲ γοργοὺς ρυθμούς.

Οἱ ἀπώλειες τῆς ἰαπωνικῆς ἀεροπορίας ὑπολογίζονται σὲ πολλὲς ἑκατοντάδες ἀεροσκάφη κατὰ τὶς τελευταῖες μόνο ἑβδομάδες.

Ἡ συμμαχικὴ διοίκηση ἀνακοίνωσε ὅτι οἱ ἐπιχειρήσεις ἐξελίσσονται ἱκανοποιητικὰ καὶ ὅτι ὁ ἀντίπαλος ἔχει χάσει κάθε δυνατότητα ἀντεπιθέσεως.

Στὸ μεταξύ, οἱ ἰαπωνικὲς δυνάμεις στὴν Κίνα ὑποχωροῦν συνεχῶς ὑπὸ τὴν πίεση τῶν κινεζικῶν στρατευμάτων, τὰ ὁποῖα ἀνακατέλαβαν σημαντικὲς περιοχές.

Ὁ συμμαχικὸς ἀποκλεισμὸς ἔχει ἐπιφέρει πλήρη παράλυση τῆς ἰαπωνικῆς οἰκονομίας. Οἱ ἐλλείψεις σὲ πρῶτες ὕλες καὶ καύσιμα εἶναι δραματικές.

Παρατηρητὲς ὑποστηρίζουν ὅτι ἡ συνθηκολόγηση εἶναι ζήτημα ἑβδομάδων, ἐφόσον συνεχισθεῖ ἡ ἔνταση τῶν ἐπιχειρήσεων.

Ἡ ἰαπωνικὴ κυβέρνηση πάντως ἐπιμένει δημοσίως ὅτι θὰ συνεχίσει τὸν ἀγώνα μέχρι τέλους, παρὰ τὶς ἀντίθετες πληροφορίες.

Στὰ μετόπισθεν ἡ κατάσταση χειροτερεύει. Οἱ ἐλλείψεις τροφίμων ἔχουν ὁδηγήσει σὲ αὐστηρὸ δελτιακὸ σύστημα διανομῆς.

Ὁ ἀμερικανικὸς τύπος γράφει ὅτι ἡ ἀπόβαση θὰ εἶναι ἡ μεγαλύτερη στρατιωτικὴ ἐπιχείρηση τῆς ἱστορίας καὶ ὅτι προετοιμάζεται ἐπὶ μῆνες.

Στὴ διάσκεψη τοῦ Ποτσντὰμ τὸ ἰαπωνικὸ ζήτημα ἀναμένεται νὰ ἀπασχολήσει σημαντικὸ μέρος τῶν ἐργασιῶν, ἰδιαίτερα στὸ πλαίσιο τῶν συνομιλιῶν μεταξὺ τῶν Τριῶν Μεγάλων.

Οἱ Σοβιετικοὶ δὲν ἔχουν ἀκόμη ἀνακοινώσει τὴ στάση τους, ἐνῶ στὸν ἀγγλοσαξωνικὸ τύπο ἐπικρατεῖ ἡ ἄποψη ὅτι ἡ σοβιετικὴ συμμετοχὴ θὰ ἐπιταχύνει τὸ τέλος τοῦ πολέμου.

Τὰ γεγονότα τῶν τελευταίων ἡμερῶν ἐπιβεβαιώνουν τὶς ἐκτιμήσεις αὐτές. Ὁ πόλεμος στὸν Εἰρηνικὸ πλησιάζει στὸ τέλος του.

Οἱ ἀνταποκριτὲς ἀναφέρουν ὅτι ἡ ἠθικὴ κατάσταση τῶν ἰαπωνικῶν στρατευμάτων ἔχει κλονισθεῖ σοβαρὰ μετὰ τὶς συνεχεῖς ἧττες.

Οἱ ἁρμόδιοι κύκλοι τῆς Οὐάσιγκτων ἀπέφυγαν νὰ σχολιάσουν τὶς φῆμες περὶ εἰρηνευτικῶν βολιδοσκοπήσεων, ἐπαναλαμβάνοντας ὅτι ἡ μόνη ἀποδεκτὴ λύση εἶναι ἡ ἄνευ ὅρων παράδοση.
